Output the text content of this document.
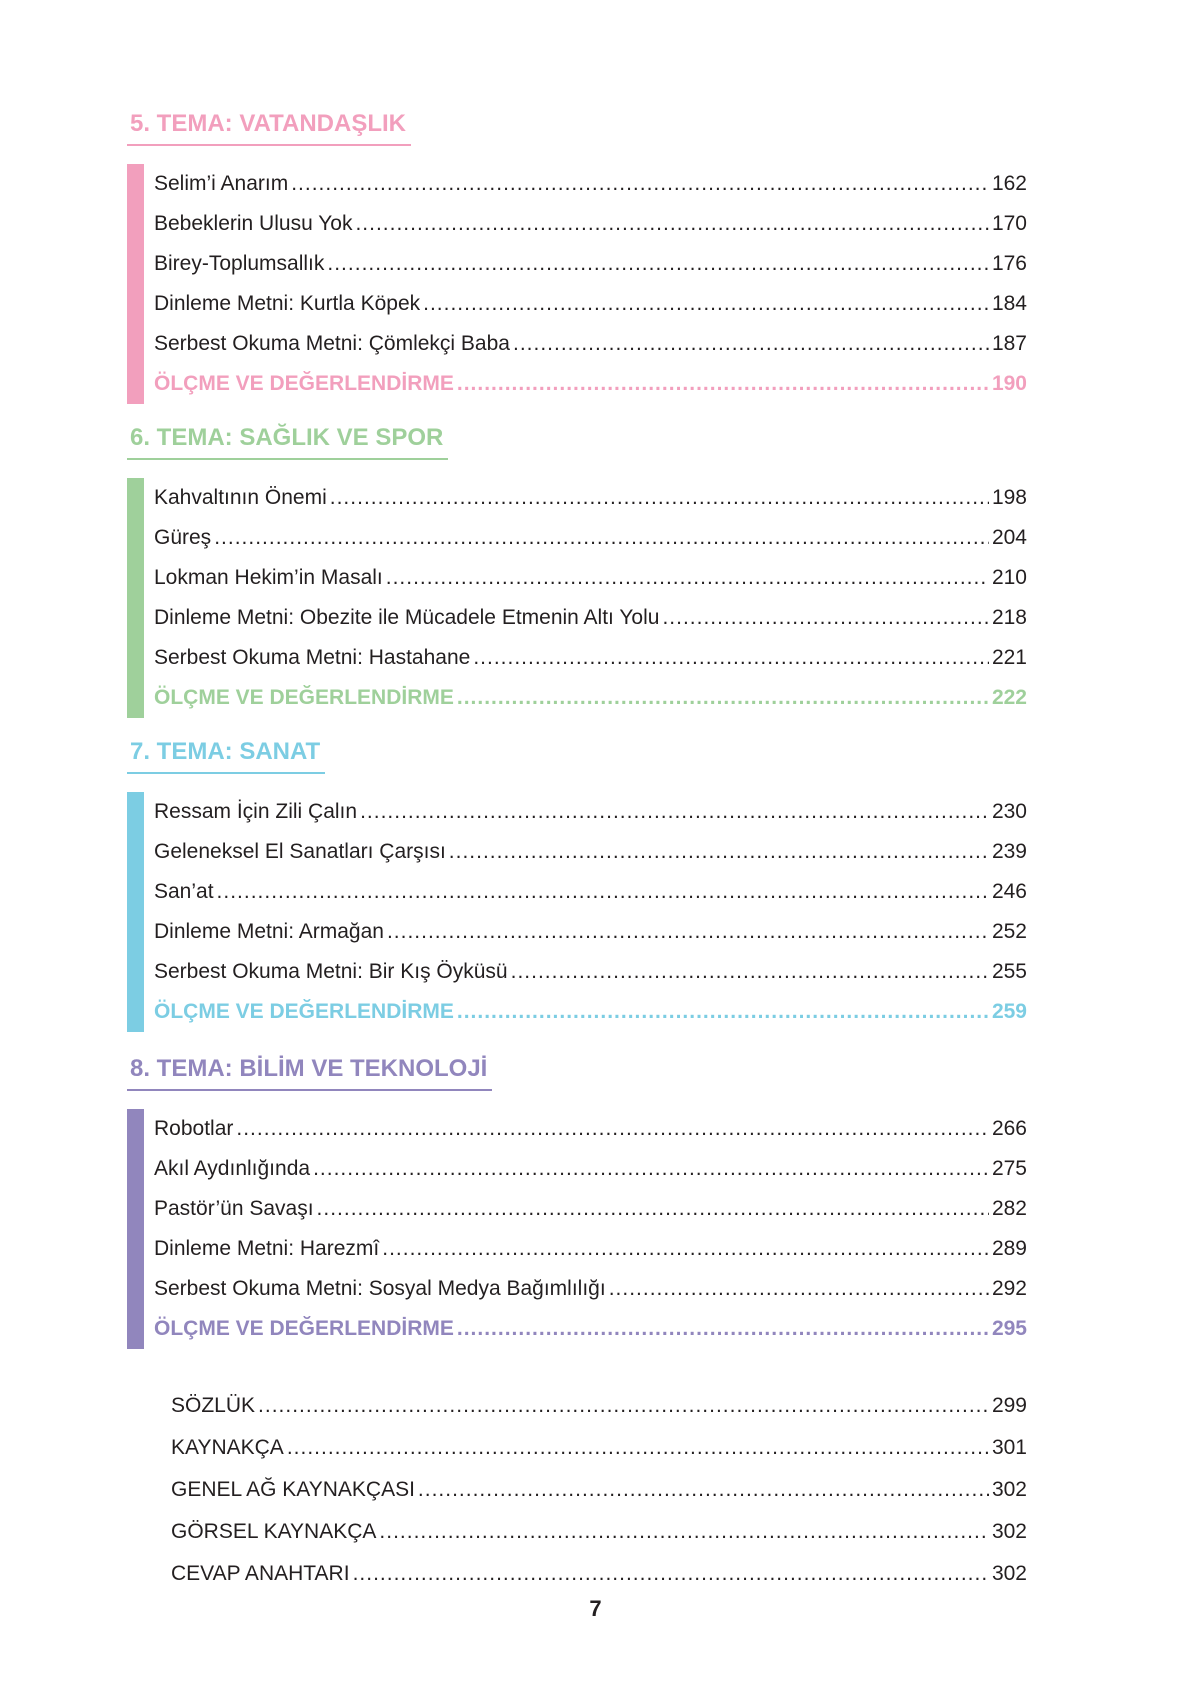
5. TEMA: VATANDAŞLIK
Selim’i Anarım .....	162
Bebeklerin Ulusu Yok .....	170
Birey-Toplumsallık .....	176
Dinleme Metni: Kurtla Köpek .....	184
Serbest Okuma Metni: Çömlekçi Baba .....	187
ÖLÇME VE DEĞERLENDİRME .....	190
6. TEMA: SAĞLIK VE SPOR
Kahvaltının Önemi .....	198
Güreş .....	204
Lokman Hekim’in Masalı .....	210
Dinleme Metni: Obezite ile Mücadele Etmenin Altı Yolu .....	218
Serbest Okuma Metni: Hastahane .....	221
ÖLÇME VE DEĞERLENDİRME .....	222
7. TEMA: SANAT
Ressam İçin Zili Çalın .....	230
Geleneksel El Sanatları Çarşısı .....	239
San’at .....	246
Dinleme Metni: Armağan .....	252
Serbest Okuma Metni: Bir Kış Öyküsü .....	255
ÖLÇME VE DEĞERLENDİRME .....	259
8. TEMA: BİLİM VE TEKNOLOJİ
Robotlar .....	266
Akıl Aydınlığında .....	275
Pastör’ün Savaşı .....	282
Dinleme Metni: Harezmî .....	289
Serbest Okuma Metni: Sosyal Medya Bağımlılığı .....	292
ÖLÇME VE DEĞERLENDİRME .....	295
SÖZLÜK .....	299
KAYNAKÇA .....	301
GENEL AĞ KAYNAKÇASI .....	302
GÖRSEL KAYNAKÇA .....	302
CEVAP ANAHTARI .....	302
7
